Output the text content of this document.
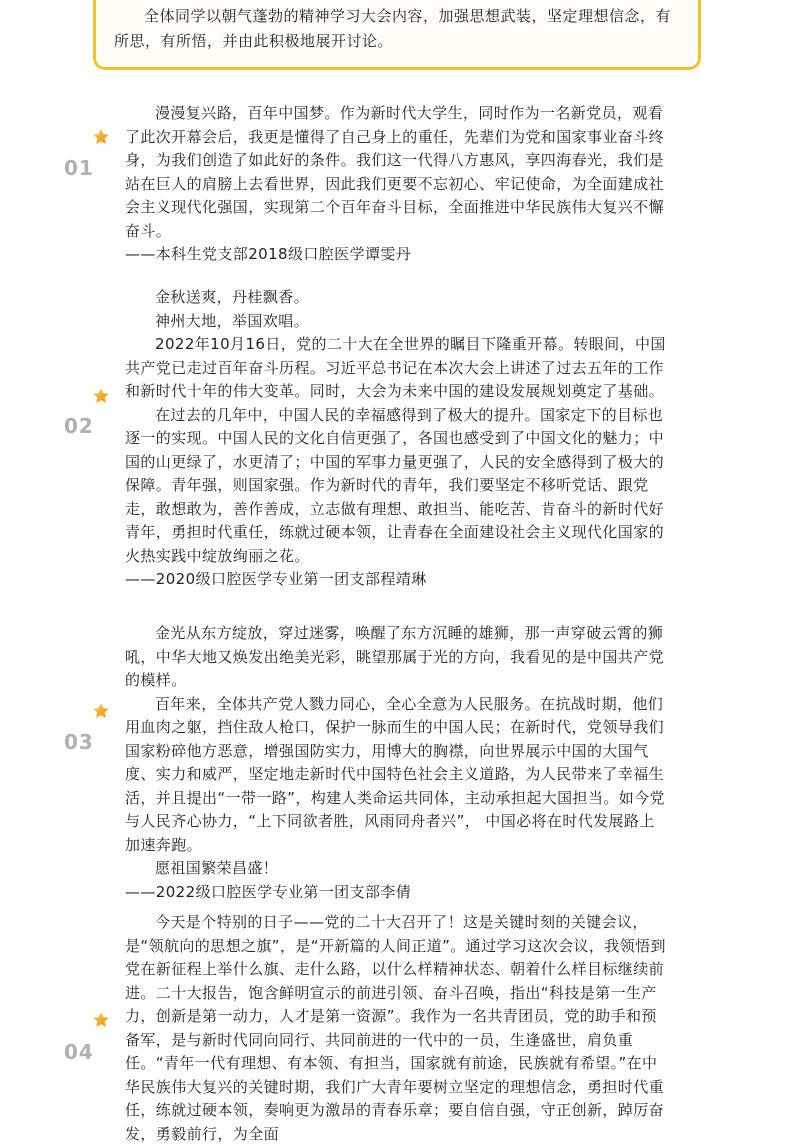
全体同学以朝气蓬勃的精神学习大会内容，加强思想武装，坚定理想信念，有所思，有所悟，并由此积极地展开讨论。

01

漫漫复兴路，百年中国梦。作为新时代大学生，同时作为一名新党员，观看了此次开幕会后，我更是懂得了自己身上的重任，先辈们为党和国家事业奋斗终身，为我们创造了如此好的条件。我们这一代得八方惠风，享四海春光，我们是站在巨人的肩膀上去看世界，因此我们更要不忘初心、牢记使命，为全面建成社会主义现代化强国，实现第二个百年奋斗目标，全面推进中华民族伟大复兴不懈奋斗。

——本科生党支部2018级口腔医学谭雯丹

02

金秋送爽，丹桂飘香。

神州大地，举国欢唱。

2022年10月16日，党的二十大在全世界的瞩目下隆重开幕。转眼间，中国共产党已走过百年奋斗历程。习近平总书记在本次大会上讲述了过去五年的工作和新时代十年的伟大变革。同时，大会为未来中国的建设发展规划奠定了基础。

在过去的几年中，中国人民的幸福感得到了极大的提升。国家定下的目标也逐一的实现。中国人民的文化自信更强了，各国也感受到了中国文化的魅力；中国的山更绿了，水更清了；中国的军事力量更强了，人民的安全感得到了极大的保障。青年强，则国家强。作为新时代的青年，我们要坚定不移听党话、跟党走，敢想敢为，善作善成，立志做有理想、敢担当、能吃苦、肯奋斗的新时代好青年，勇担时代重任，练就过硬本领，让青春在全面建设社会主义现代化国家的火热实践中绽放绚丽之花。

——2020级口腔医学专业第一团支部程靖琳

03

金光从东方绽放，穿过迷雾，唤醒了东方沉睡的雄狮，那一声穿破云霄的狮吼，中华大地又焕发出绝美光彩，眺望那属于光的方向，我看见的是中国共产党的模样。

百年来，全体共产党人戮力同心，全心全意为人民服务。在抗战时期，他们用血肉之躯，挡住敌人枪口，保护一脉而生的中国人民；在新时代，党领导我们国家粉碎他方恶意，增强国防实力，用博大的胸襟，向世界展示中国的大国气度、实力和威严，坚定地走新时代中国特色社会主义道路，为人民带来了幸福生活，并且提出“一带一路”，构建人类命运共同体，主动承担起大国担当。如今党与人民齐心协力，“上下同欲者胜，风雨同舟者兴”， 中国必将在时代发展路上加速奔跑。

愿祖国繁荣昌盛！

——2022级口腔医学专业第一团支部李倩

04

今天是个特别的日子——党的二十大召开了！这是关键时刻的关键会议，是“领航向的思想之旗”，是“开新篇的人间正道”。通过学习这次会议，我领悟到党在新征程上举什么旗、走什么路，以什么样精神状态、朝着什么样目标继续前进。二十大报告，饱含鲜明宣示的前进引领、奋斗召唤，指出“科技是第一生产力，创新是第一动力，人才是第一资源”。我作为一名共青团员，党的助手和预备军，是与新时代同向同行、共同前进的一代中的一员，生逢盛世，肩负重任。“青年一代有理想、有本领、有担当，国家就有前途，民族就有希望。”在中华民族伟大复兴的关键时期，我们广大青年要树立坚定的理想信念，勇担时代重任，练就过硬本领，奏响更为激昂的青春乐章；要自信自强，守正创新，踔厉奋发，勇毅前行，为全面
